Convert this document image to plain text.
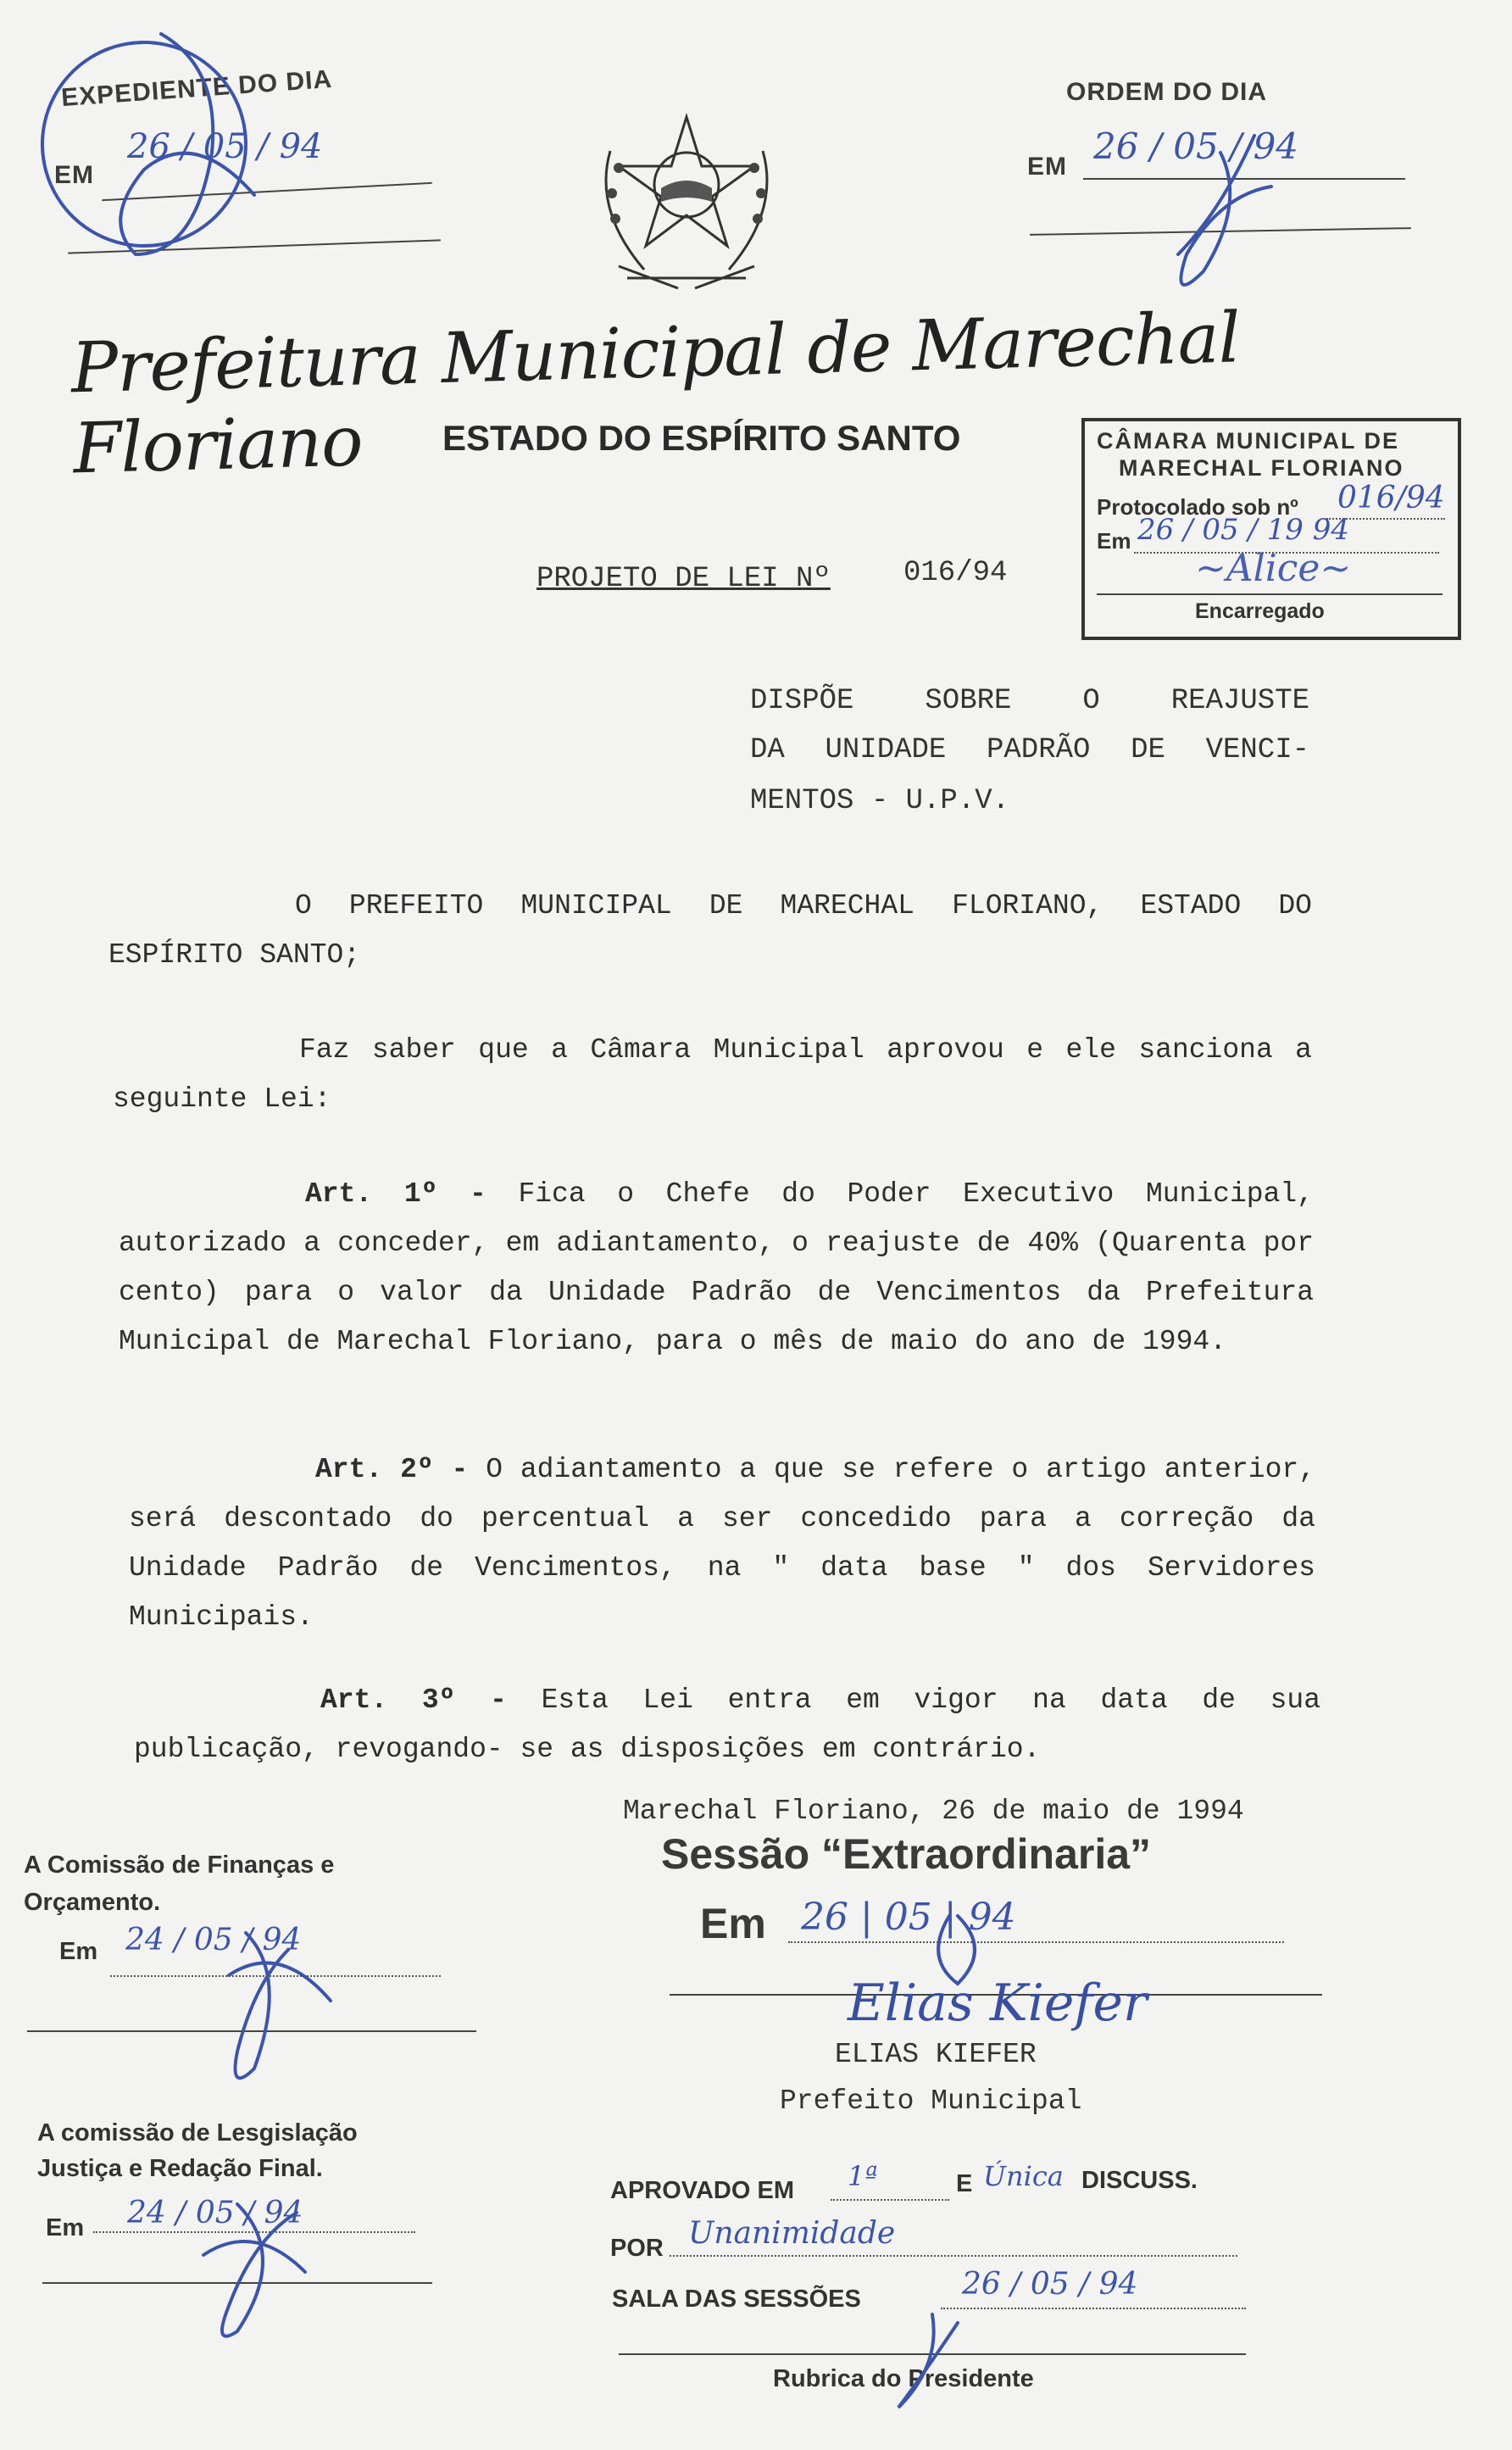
EXPEDIENTE DO DIA
EM
26 / 05 / 94
ORDEM DO DIA
EM 26 / 05 / 94
Prefeitura Municipal de Marechal Floriano	ESTADO DO ESPÍRITO SANTO	CÂMARA MUNICIPAL DE
MARECHAL FLORIANO
Protocolado sob nº 016/94
Em 26 / 05 / 19 94
~Alice~
Encarregado
PROJETO DE LEI Nº	016/94
DISPÕE SOBRE O REAJUSTE
DA UNIDADE PADRÃO DE VENCI-
MENTOS - U.P.V.
O PREFEITO MUNICIPAL DE MARECHAL FLORIANO, ESTADO DO ESPÍRITO SANTO;
Faz saber que a Câmara Municipal aprovou e ele sanciona a seguinte Lei:
Art. 1º - Fica o Chefe do Poder Executivo Municipal, autorizado a conceder, em adiantamento, o reajuste de 40% (Quarenta por cento) para o valor da Unidade Padrão de Vencimentos da Prefeitura Municipal de Marechal Floriano, para o mês de maio do ano de 1994.
Art. 2º - O adiantamento a que se refere o artigo anterior, será descontado do percentual a ser concedido para a correção da Unidade Padrão de Vencimentos, na " data base " dos Servidores Municipais.
Art. 3º - Esta Lei entra em vigor na data de sua publicação, revogando- se as disposições em contrário.
Marechal Floriano, 26 de maio de 1994
Sessão “Extraordinaria”
Em 26 | 05 | 94
Elias Kiefer
ELIAS KIEFER
Prefeito Municipal
A Comissão de Finanças e
Orçamento.
Em 24 / 05 / 94
A comissão de Lesgislação
Justiça e Redação Final.
Em 24 / 05 / 94
APROVADO EM 1ª	E Única DISCUSS.
POR Unanimidade
SALA DAS SESSÕES	26 / 05 / 94
Rubrica do Presidente
